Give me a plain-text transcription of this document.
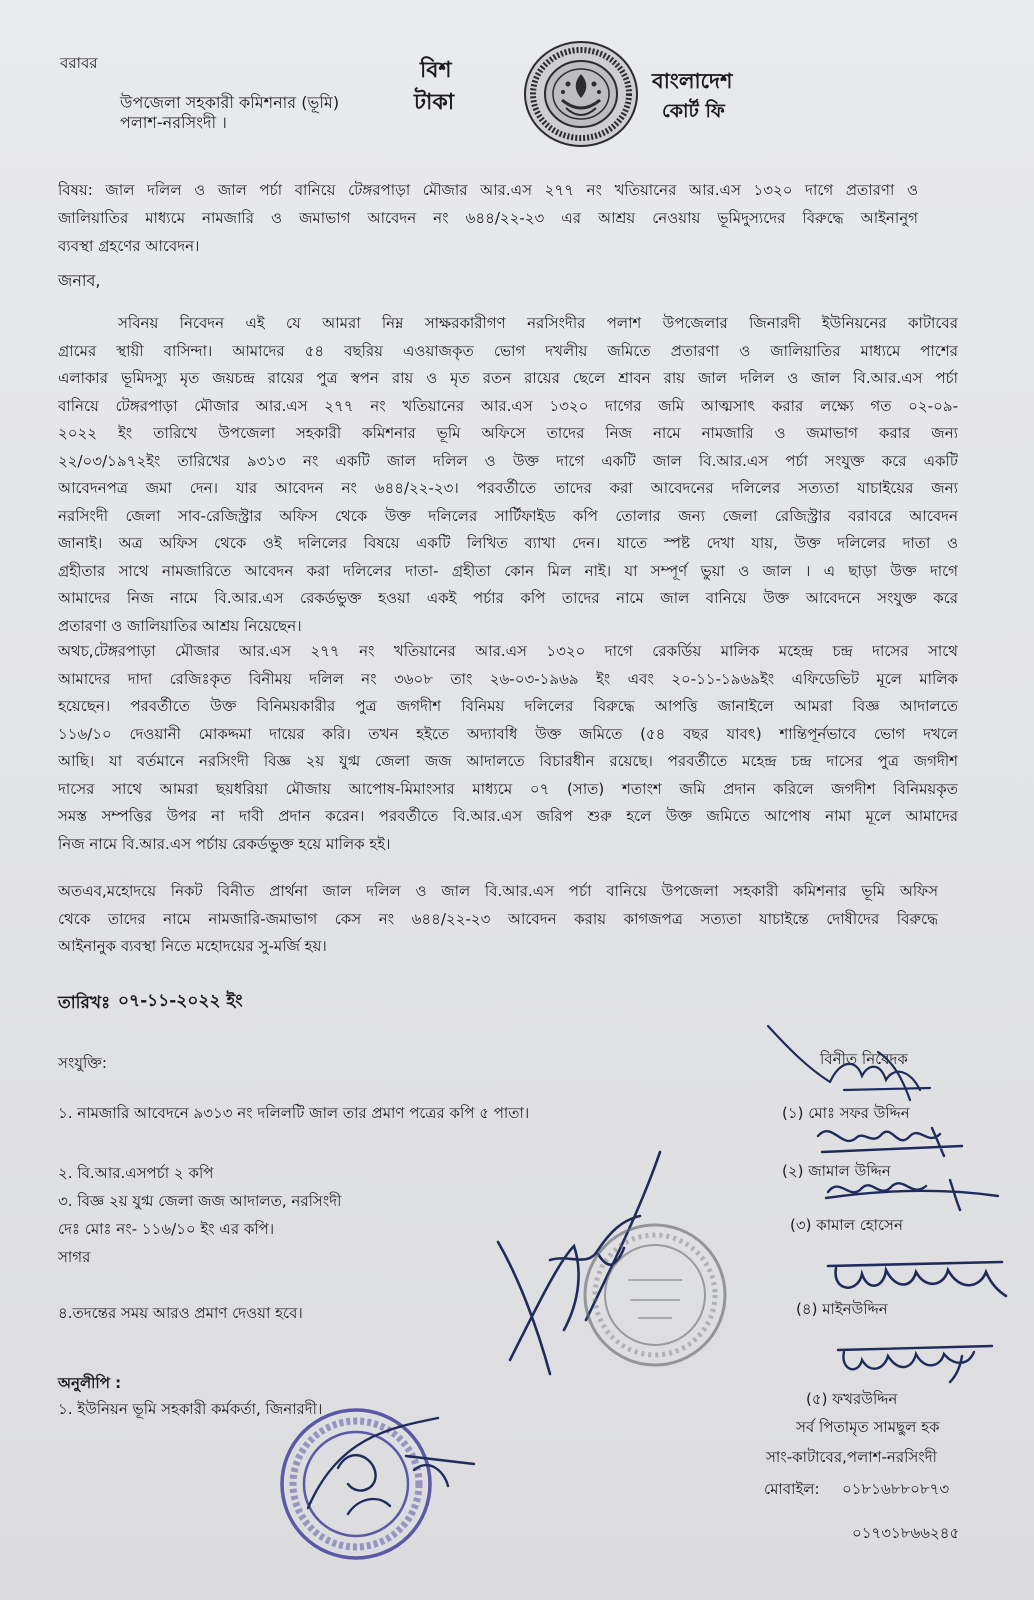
বরাবর
উপজেলা সহকারী কমিশনার (ভূমি)
পলাশ-নরসিংদী ।
বিশ
টাকা
বাংলাদেশ
কোর্ট ফি
বিষয়: জাল দলিল ও জাল পর্চা বানিয়ে টেঙ্গরপাড়া মৌজার আর.এস ২৭৭ নং খতিয়ানের আর.এস ১৩২০ দাগে প্রতারণা ও
জালিয়াতির মাধ্যমে নামজারি ও জমাভাগ আবেদন নং ৬৪৪/২২-২৩ এর আশ্রয় নেওয়ায় ভূমিদুস্যদের বিরুদ্ধে আইনানুগ
ব্যবস্থা গ্রহণের আবেদন।
জনাব,
সবিনয় নিবেদন এই যে আমরা নিম্ন সাক্ষরকারীগণ নরসিংদীর পলাশ উপজেলার জিনারদী ইউনিয়নের কাটাবের
গ্রামের স্থায়ী বাসিন্দা। আমাদের ৫৪ বছরিয় এওয়াজকৃত ভোগ দখলীয় জমিতে প্রতারণা ও জালিয়াতির মাধ্যমে পাশের
এলাকার ভূমিদস্যু মৃত জয়চন্দ্র রায়ের পুত্র স্বপন রায় ও মৃত রতন রায়ের ছেলে শ্রাবন রায় জাল দলিল ও জাল বি.আর.এস পর্চা
বানিয়ে টেঙ্গরপাড়া মৌজার আর.এস ২৭৭ নং খতিয়ানের আর.এস ১৩২০ দাগের জমি আত্মসাৎ করার লক্ষ্যে গত ০২-০৯-
২০২২ ইং তারিখে উপজেলা সহকারী কমিশনার ভূমি অফিসে তাদের নিজ নামে নামজারি ও জমাভাগ করার জন্য
২২/০৩/১৯৭২ইং তারিখের ৯৩১৩ নং একটি জাল দলিল ও উক্ত দাগে একটি জাল বি.আর.এস পর্চা সংযুক্ত করে একটি
আবেদনপত্র জমা দেন। যার আবেদন নং ৬৪৪/২২-২৩। পরবর্তীতে তাদের করা আবেদনের দলিলের সত্যতা যাচাইয়ের জন্য
নরসিংদী জেলা সাব-রেজিস্ট্রার অফিস থেকে উক্ত দলিলের সার্টিফাইড কপি তোলার জন্য জেলা রেজিস্ট্রার বরাবরে আবেদন
জানাই। অত্র অফিস থেকে ওই দলিলের বিষয়ে একটি লিখিত ব্যাখা দেন। যাতে স্পষ্ট দেখা যায়, উক্ত দলিলের দাতা ও
গ্রহীতার সাথে নামজারিতে আবেদন করা দলিলের দাতা- গ্রহীতা কোন মিল নাই। যা সম্পূর্ণ ভুয়া ও জাল । এ ছাড়া উক্ত দাগে
আমাদের নিজ নামে বি.আর.এস রেকর্ডভুক্ত হওয়া একই পর্চার কপি তাদের নামে জাল বানিয়ে উক্ত আবেদনে সংযুক্ত করে
প্রতারণা ও জালিয়াতির আশ্রয় নিয়েছেন।
অথচ,টেঙ্গরপাড়া মৌজার আর.এস ২৭৭ নং খতিয়ানের আর.এস ১৩২০ দাগে রেকর্ডিয় মালিক মহেন্দ্র চন্দ্র দাসের সাথে
আমাদের দাদা রেজিঃকৃত বিনীময় দলিল নং ৩৬০৮ তাং ২৬-০৩-১৯৬৯ ইং এবং ২০-১১-১৯৬৯ইং এফিডেভিট মূলে মালিক
হয়েছেন। পরবর্তীতে উক্ত বিনিময়কারীর পুত্র জগদীশ বিনিময় দলিলের বিরুদ্ধে আপত্তি জানাইলে আমরা বিজ্ঞ আদালতে
১১৬/১০ দেওয়ানী মোকদ্দমা দায়ের করি। তখন হইতে অদ্যাবধি উক্ত জমিতে (৫৪ বছর যাবৎ) শান্তিপূর্নভাবে ভোগ দখলে
আছি। যা বর্তমানে নরসিংদী বিজ্ঞ ২য় যুগ্ম জেলা জজ আদালতে বিচারধীন রয়েছে। পরবর্তীতে মহেন্দ্র চন্দ্র দাসের পুত্র জগদীশ
দাসের সাথে আমরা ছয়ধরিয়া মৌজায় আপোষ-মিমাংসার মাধ্যমে ০৭ (সাত) শতাংশ জমি প্রদান করিলে জগদীশ বিনিময়কৃত
সমস্ত সম্পত্তির উপর না দাবী প্রদান করেন। পরবর্তীতে বি.আর.এস জরিপ শুরু হলে উক্ত জমিতে আপোষ নামা মূলে আমাদের
নিজ নামে বি.আর.এস পর্চায় রেকর্ডভুক্ত হয়ে মালিক হই।
অতএব,মহোদয়ে নিকট বিনীত প্রার্থনা জাল দলিল ও জাল বি.আর.এস পর্চা বানিয়ে উপজেলা সহকারী কমিশনার ভূমি অফিস
থেকে তাদের নামে নামজারি-জমাভাগ কেস নং ৬৪৪/২২-২৩ আবেদন করায় কাগজপত্র সত্যতা যাচাইন্তে দোষীদের বিরুদ্ধে
আইনানুক ব্যবস্থা নিতে মহোদয়ের সু-মর্জি হয়।
তারিখঃ ০৭-১১-২০২২ ইং
সংযুক্তি:
১. নামজারি আবেদনে ৯৩১৩ নং দলিলটি জাল তার প্রমাণ পত্রের কপি ৫ পাতা।
২. বি.আর.এসপর্চা ২ কপি
৩. বিজ্ঞ ২য় যুগ্ম জেলা জজ আদালত, নরসিংদী
দেঃ মোঃ নং- ১১৬/১০ ইং এর কপি।
সাগর
৪.তদন্তের সময় আরও প্রমাণ দেওয়া হবে।
অনুলীপি :
১. ইউনিয়ন ভূমি সহকারী কর্মকর্তা, জিনারদী।
বিনীত নিবেদক
(১) মোঃ সফর উদ্দিন
(২) জামাল উদ্দিন
(৩) কামাল হোসেন
(৪) মাইনউদ্দিন
(৫) ফখরউদ্দিন
সর্ব পিতামৃত সামছুল হক
সাং-কাটাবের,পলাশ-নরসিংদী
মোবাইল: ০১৮১৬৮৮০৮৭৩
০১৭৩১৮৬৬২৪৫
